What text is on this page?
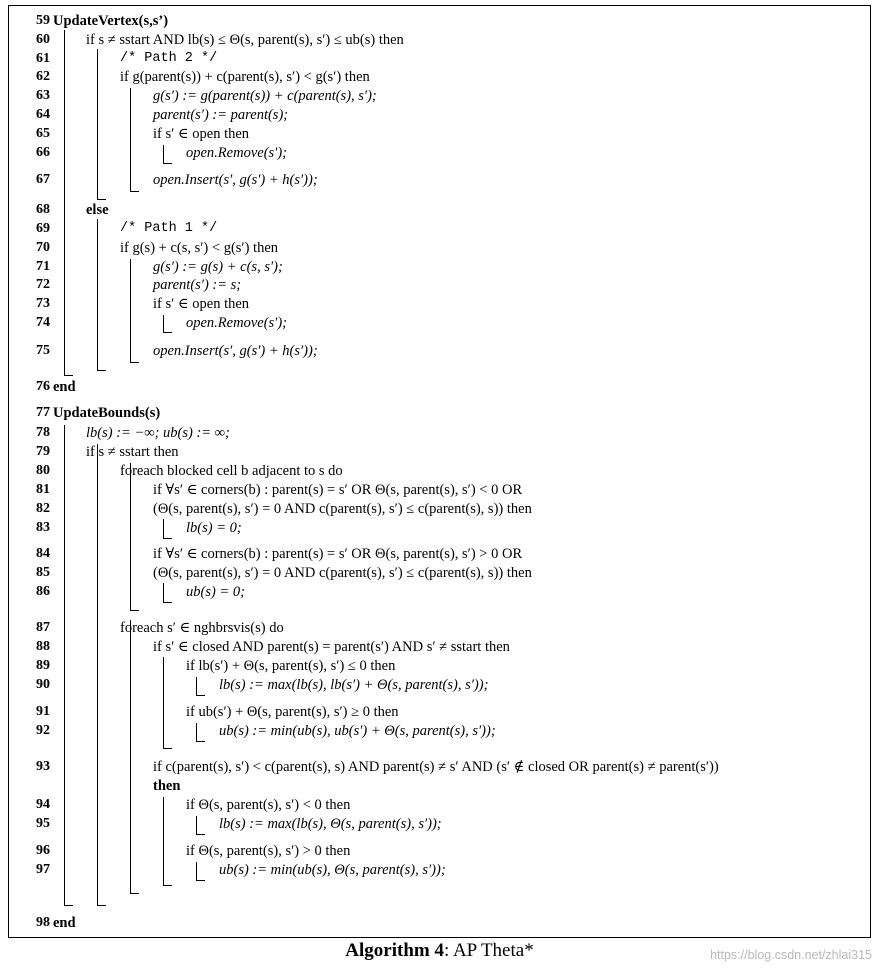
59 UpdateVertex(s,s’)
60 if s ≠ sstart AND lb(s) ≤ Θ(s, parent(s), s′) ≤ ub(s) then
61	/* Path 2 */
62	if g(parent(s)) + c(parent(s), s′) < g(s′) then
63	g(s′) := g(parent(s)) + c(parent(s), s′);
64	parent(s′) := parent(s);
65	if s′ ∈ open then
66	open.Remove(s′);
67	open.Insert(s′, g(s′) + h(s′));
68 else
69	/* Path 1 */
70	if g(s) + c(s, s′) < g(s′) then
71	g(s′) := g(s) + c(s, s′);
72	parent(s′) := s;
73	if s′ ∈ open then
74	open.Remove(s′);
75	open.Insert(s′, g(s′) + h(s′));
76 end
77 UpdateBounds(s)
78 lb(s) := −∞; ub(s) := ∞;
79 if s ≠ sstart then
80	foreach blocked cell b adjacent to s do
81	if ∀s′ ∈ corners(b) : parent(s) = s′ OR Θ(s, parent(s), s′) < 0 OR
82	(Θ(s, parent(s), s′) = 0 AND c(parent(s), s′) ≤ c(parent(s), s)) then
83	lb(s) = 0;
84	if ∀s′ ∈ corners(b) : parent(s) = s′ OR Θ(s, parent(s), s′) > 0 OR
85	(Θ(s, parent(s), s′) = 0 AND c(parent(s), s′) ≤ c(parent(s), s)) then
86	ub(s) = 0;
87	foreach s′ ∈ nghbrsvis(s) do
88	if s′ ∈ closed AND parent(s) = parent(s′) AND s′ ≠ sstart then
89	if lb(s′) + Θ(s, parent(s), s′) ≤ 0 then
90	lb(s) := max(lb(s), lb(s′) + Θ(s, parent(s), s′));
91	if ub(s′) + Θ(s, parent(s), s′) ≥ 0 then
92	ub(s) := min(ub(s), ub(s′) + Θ(s, parent(s), s′));
93	if c(parent(s), s′) < c(parent(s), s) AND parent(s) ≠ s′ AND (s′ ∉ closed OR parent(s) ≠ parent(s′))
then
94	if Θ(s, parent(s), s′) < 0 then
95	lb(s) := max(lb(s), Θ(s, parent(s), s′));
96	if Θ(s, parent(s), s′) > 0 then
97	ub(s) := min(ub(s), Θ(s, parent(s), s′));
98 end
Algorithm 4: AP Theta*	https://blog.csdn.net/zhlai315
